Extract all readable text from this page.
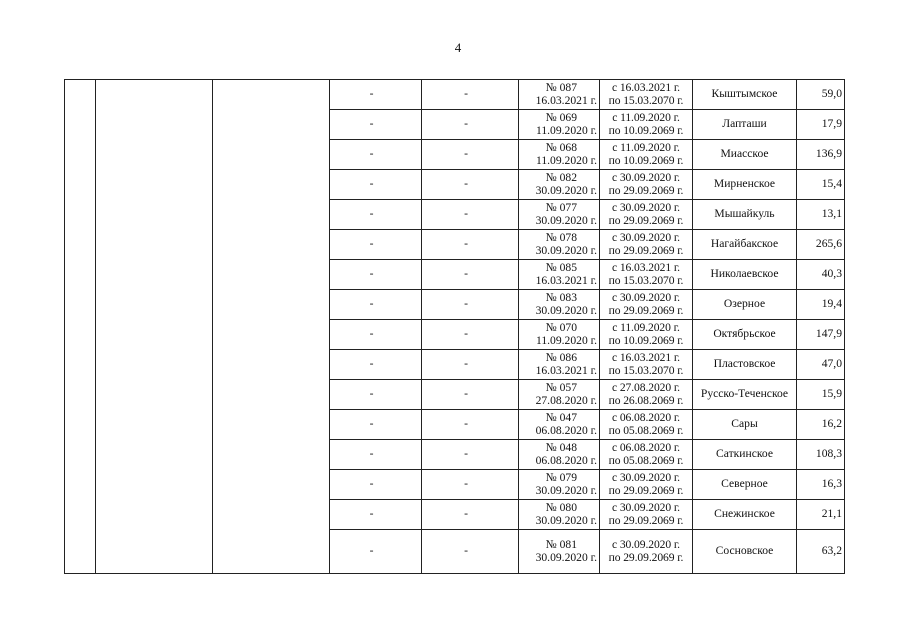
4
			-	-	№ 087
16.03.2021 г.	с 16.03.2021 г.
по 15.03.2070 г.	Кыштымское	59,0
			-	-	№ 069
11.09.2020 г.	с 11.09.2020 г.
по 10.09.2069 г.	Лапташи	17,9
			-	-	№ 068
11.09.2020 г.	с 11.09.2020 г.
по 10.09.2069 г.	Миасское	136,9
			-	-	№ 082
30.09.2020 г.	с 30.09.2020 г.
по 29.09.2069 г.	Мирненское	15,4
			-	-	№ 077
30.09.2020 г.	с 30.09.2020 г.
по 29.09.2069 г.	Мышайкуль	13,1
			-	-	№ 078
30.09.2020 г.	с 30.09.2020 г.
по 29.09.2069 г.	Нагайбакское	265,6
			-	-	№ 085
16.03.2021 г.	с 16.03.2021 г.
по 15.03.2070 г.	Николаевское	40,3
			-	-	№ 083
30.09.2020 г.	с 30.09.2020 г.
по 29.09.2069 г.	Озерное	19,4
			-	-	№ 070
11.09.2020 г.	с 11.09.2020 г.
по 10.09.2069 г.	Октябрьское	147,9
			-	-	№ 086
16.03.2021 г.	с 16.03.2021 г.
по 15.03.2070 г.	Пластовское	47,0
			-	-	№ 057
27.08.2020 г.	с 27.08.2020 г.
по 26.08.2069 г.	Русско-Теченское	15,9
			-	-	№ 047
06.08.2020 г.	с 06.08.2020 г.
по 05.08.2069 г.	Сары	16,2
			-	-	№ 048
06.08.2020 г.	с 06.08.2020 г.
по 05.08.2069 г.	Саткинское	108,3
			-	-	№ 079
30.09.2020 г.	с 30.09.2020 г.
по 29.09.2069 г.	Северное	16,3
			-	-	№ 080
30.09.2020 г.	с 30.09.2020 г.
по 29.09.2069 г.	Снежинское	21,1
			-	-	№ 081
30.09.2020 г.	с 30.09.2020 г.
по 29.09.2069 г.	Сосновское	63,2
